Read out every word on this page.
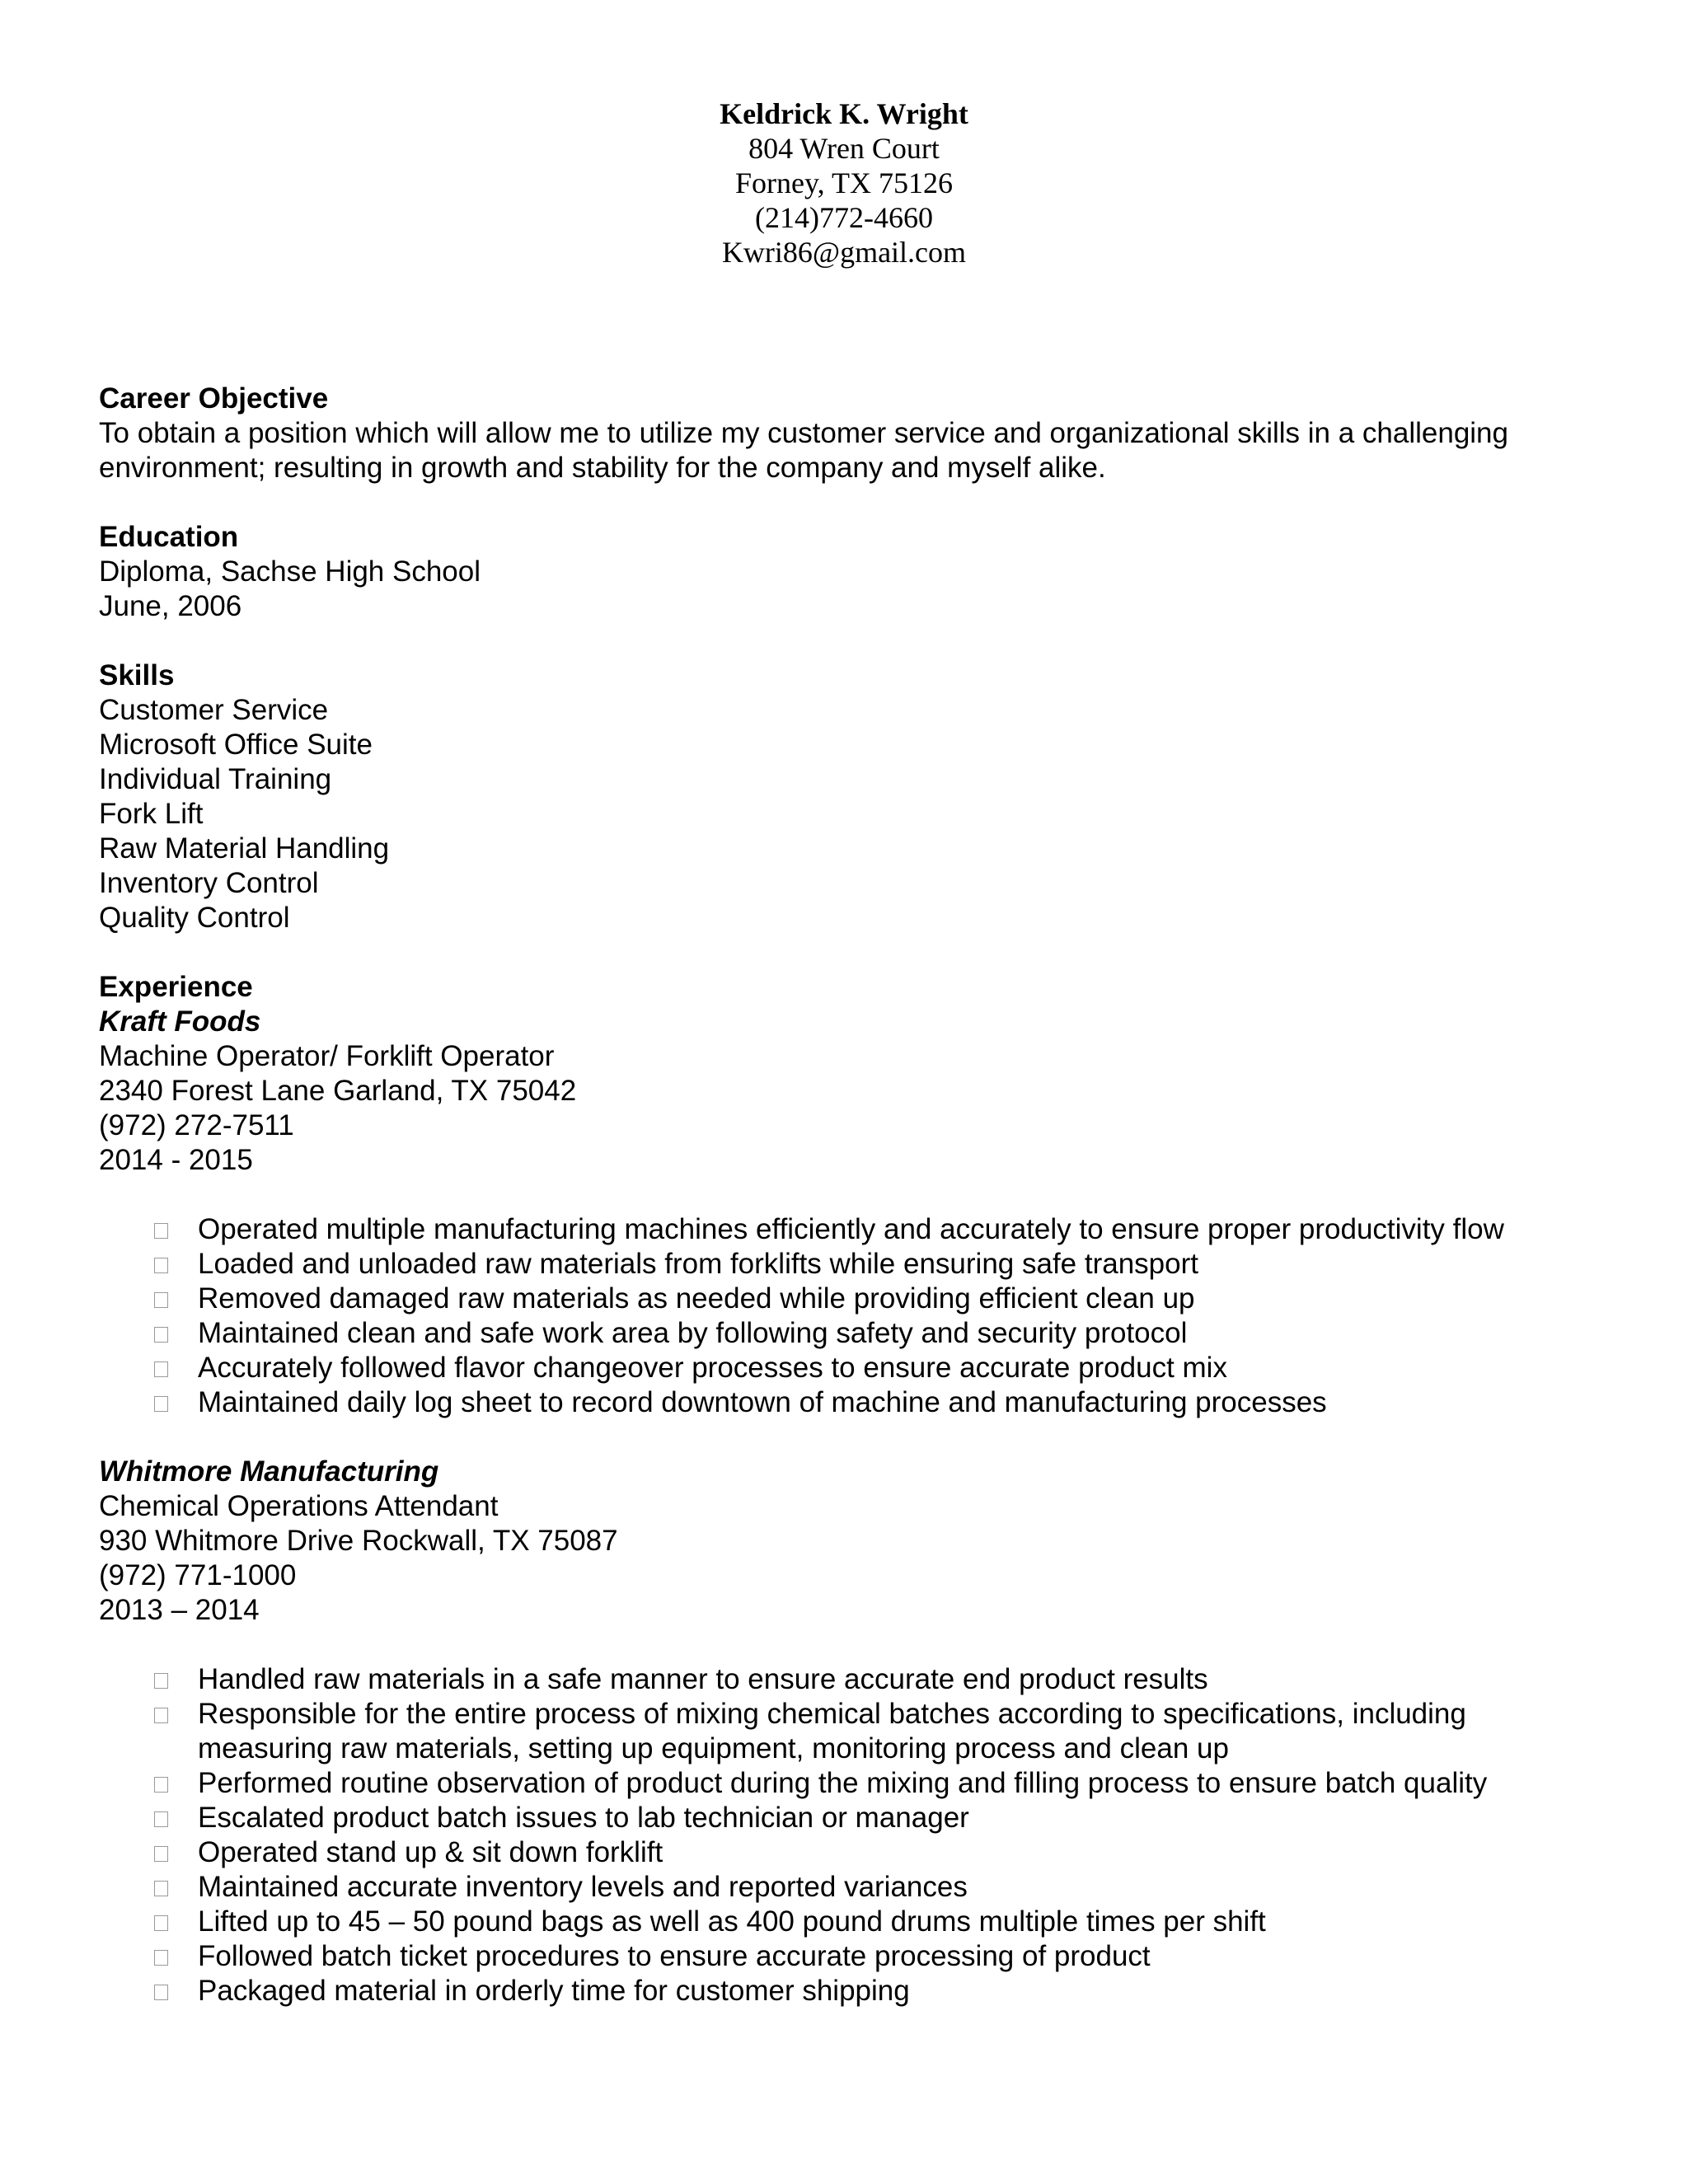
Keldrick K. Wright
804 Wren Court
Forney, TX 75126
(214)772-4660
Kwri86@gmail.com
Career Objective
To obtain a position which will allow me to utilize my customer service and organizational skills in a challenging environment; resulting in growth and stability for the company and myself alike.
Education
Diploma, Sachse High School
June, 2006
Skills
Customer Service
Microsoft Office Suite
Individual Training
Fork Lift
Raw Material Handling
Inventory Control
Quality Control
Experience
Kraft Foods
Machine Operator/ Forklift Operator
2340 Forest Lane Garland, TX 75042
(972) 272-7511
2014 - 2015
Operated multiple manufacturing machines efficiently and accurately to ensure proper productivity flow
Loaded and unloaded raw materials from forklifts while ensuring safe transport
Removed damaged raw materials as needed while providing efficient clean up
Maintained clean and safe work area by following safety and security protocol
Accurately followed flavor changeover processes to ensure accurate product mix
Maintained daily log sheet to record downtown of machine and manufacturing processes
Whitmore Manufacturing
Chemical Operations Attendant
930 Whitmore Drive Rockwall, TX 75087
(972) 771-1000
2013 – 2014
Handled raw materials in a safe manner to ensure accurate end product results
Responsible for the entire process of mixing chemical batches according to specifications, including measuring raw materials, setting up equipment, monitoring process and clean up
Performed routine observation of product during the mixing and filling process to ensure batch quality
Escalated product batch issues to lab technician or manager
Operated stand up & sit down forklift
Maintained accurate inventory levels and reported variances
Lifted up to 45 – 50 pound bags as well as 400 pound drums multiple times per shift
Followed batch ticket procedures to ensure accurate processing of product
Packaged material in orderly time for customer shipping
